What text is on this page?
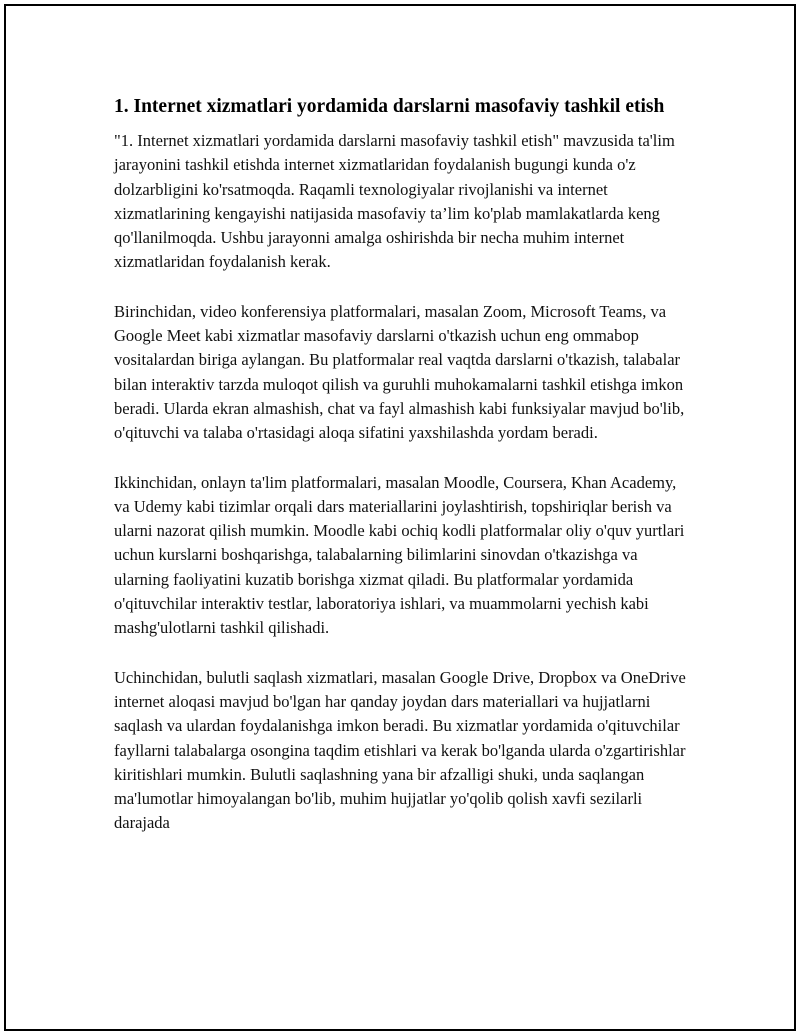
1. Internet xizmatlari yordamida darslarni masofaviy tashkil etish

"1. Internet xizmatlari yordamida darslarni masofaviy tashkil etish" mavzusida ta'lim jarayonini tashkil etishda internet xizmatlaridan foydalanish bugungi kunda o'z dolzarbligini ko'rsatmoqda. Raqamli texnologiyalar rivojlanishi va internet xizmatlarining kengayishi natijasida masofaviy ta’lim ko'plab mamlakatlarda keng qo'llanilmoqda. Ushbu jarayonni amalga oshirishda bir necha muhim internet xizmatlaridan foydalanish kerak.

Birinchidan, video konferensiya platformalari, masalan Zoom, Microsoft Teams, va Google Meet kabi xizmatlar masofaviy darslarni o'tkazish uchun eng ommabop vositalardan biriga aylangan. Bu platformalar real vaqtda darslarni o'tkazish, talabalar bilan interaktiv tarzda muloqot qilish va guruhli muhokamalarni tashkil etishga imkon beradi. Ularda ekran almashish, chat va fayl almashish kabi funksiyalar mavjud bo'lib, o'qituvchi va talaba o'rtasidagi aloqa sifatini yaxshilashda yordam beradi.

Ikkinchidan, onlayn ta'lim platformalari, masalan Moodle, Coursera, Khan Academy, va Udemy kabi tizimlar orqali dars materiallarini joylashtirish, topshiriqlar berish va ularni nazorat qilish mumkin. Moodle kabi ochiq kodli platformalar oliy o'quv yurtlari uchun kurslarni boshqarishga, talabalarning bilimlarini sinovdan o'tkazishga va ularning faoliyatini kuzatib borishga xizmat qiladi. Bu platformalar yordamida o'qituvchilar interaktiv testlar, laboratoriya ishlari, va muammolarni yechish kabi mashg'ulotlarni tashkil qilishadi.

Uchinchidan, bulutli saqlash xizmatlari, masalan Google Drive, Dropbox va OneDrive internet aloqasi mavjud bo'lgan har qanday joydan dars materiallari va hujjatlarni saqlash va ulardan foydalanishga imkon beradi. Bu xizmatlar yordamida o'qituvchilar fayllarni talabalarga osongina taqdim etishlari va kerak bo'lganda ularda o'zgartirishlar kiritishlari mumkin. Bulutli saqlashning yana bir afzalligi shuki, unda saqlangan ma'lumotlar himoyalangan bo'lib, muhim hujjatlar yo'qolib qolish xavfi sezilarli darajada
